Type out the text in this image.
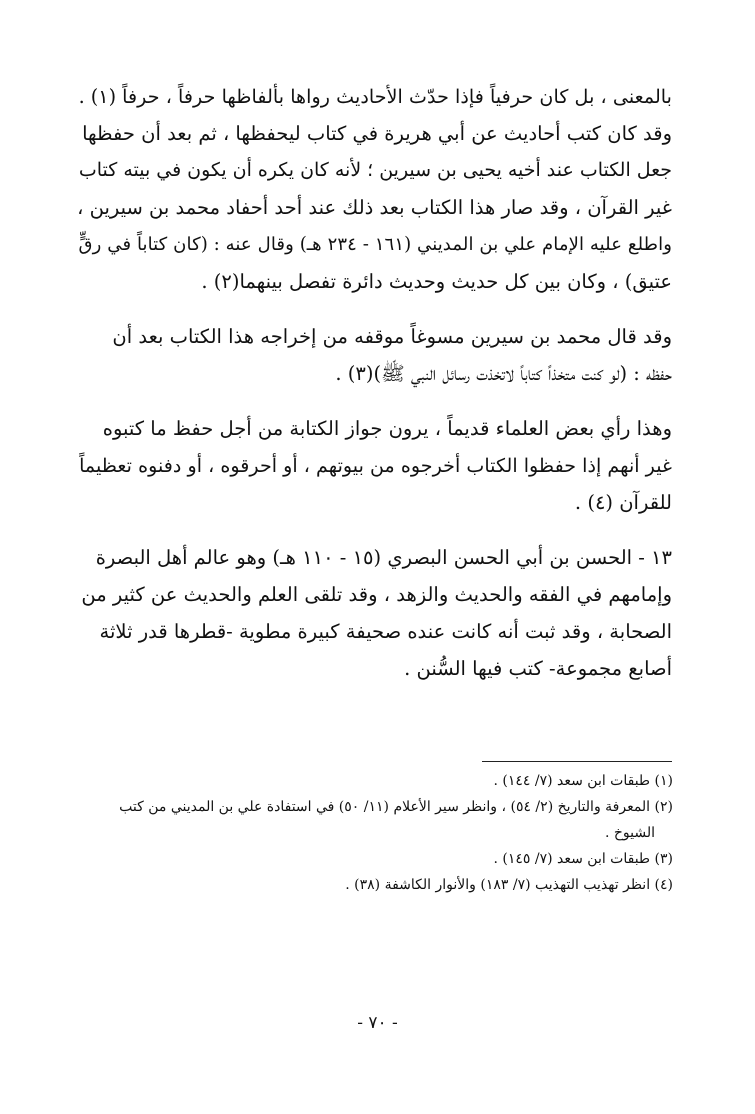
بالمعنى ، بل كان حرفياً فإذا حدّث الأحاديث رواها بألفاظها حرفاً ، حرفاً (١) .
وقد كان كتب أحاديث عن أبي هريرة في كتاب ليحفظها ، ثم بعد أن حفظها
جعل الكتاب عند أخيه يحيى بن سيرين ؛ لأنه كان يكره أن يكون في بيته كتاب
غير القرآن ، وقد صار هذا الكتاب بعد ذلك عند أحد أحفاد محمد بن سيرين ،
واطلع عليه الإمام علي بن المديني (١٦١ - ٢٣٤ هـ) وقال عنه : (كان كتاباً في رقٍّ
عتيق) ، وكان بين كل حديث وحديث دائرة تفصل بينهما(٢) .

وقد قال محمد بن سيرين مسوغاً موقفه من إخراجه هذا الكتاب بعد أن
حفظه : (لو كنت متخذاً كتاباً لاتخذت رسائل النبي ﷺ)(٣) .

وهذا رأي بعض العلماء قديماً ، يرون جواز الكتابة من أجل حفظ ما كتبوه
غير أنهم إذا حفظوا الكتاب أخرجوه من بيوتهم ، أو أحرقوه ، أو دفنوه تعظيماً
للقرآن (٤) .

١٣ - الحسن بن أبي الحسن البصري (١٥ - ١١٠ هـ) وهو عالم أهل البصرة
وإمامهم في الفقه والحديث والزهد ، وقد تلقى العلم والحديث عن كثير من
الصحابة ، وقد ثبت أنه كانت عنده صحيفة كبيرة مطوية -قطرها قدر ثلاثة
أصابع مجموعة- كتب فيها السُّنن .

(١) طبقات ابن سعد (٧/ ١٤٤) .
(٢) المعرفة والتاريخ (٢/ ٥٤) ، وانظر سير الأعلام (١١/ ٥٠) في استفادة علي بن المديني من كتب
الشيوخ .
(٣) طبقات ابن سعد (٧/ ١٤٥) .
(٤) انظر تهذيب التهذيب (٧/ ١٨٣) والأنوار الكاشفة (٣٨) .
- ٧٠ -
